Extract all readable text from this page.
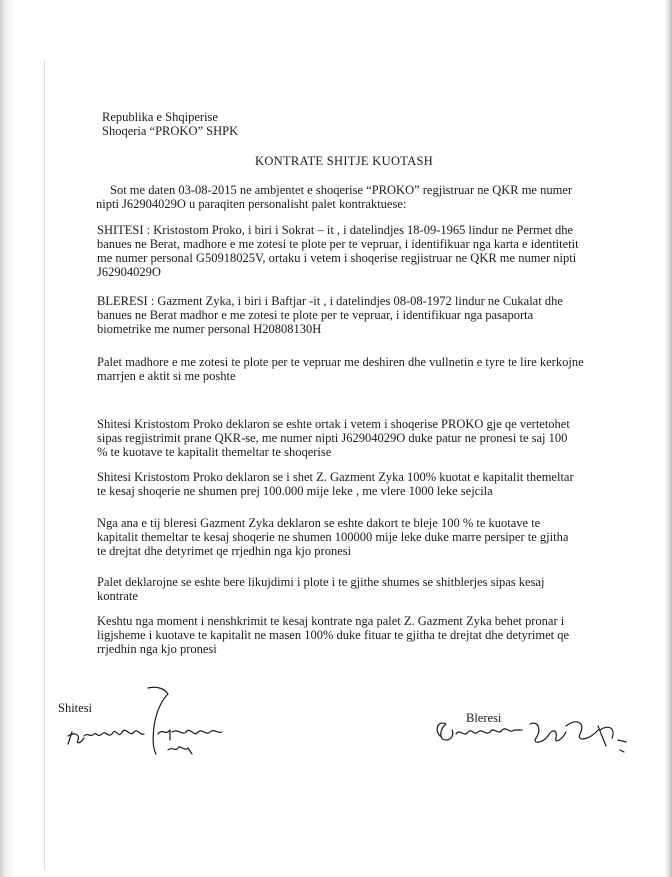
Republika e Shqiperise
Shoqeria “PROKO” SHPK
KONTRATE SHITJE KUOTASH
Sot me daten 03-08-2015 ne ambjentet e shoqerise “PROKO” regjistruar ne QKR me numer
nipti J62904029O u paraqiten personalisht palet kontraktuese:
SHITESI : Kristostom Proko, i biri i Sokrat – it , i datelindjes 18-09-1965 lindur ne Permet dhe
banues ne Berat, madhore e me zotesi te plote per te vepruar, i identifikuar nga karta e identitetit
me numer personal G50918025V, ortaku i vetem i shoqerise regjistruar ne QKR me numer nipti
J62904029O
BLERESI : Gazment Zyka, i biri i Baftjar -it , i datelindjes 08-08-1972 lindur ne Cukalat dhe
banues ne Berat madhor e me zotesi te plote per te vepruar, i identifikuar nga pasaporta
biometrike me numer personal H20808130H
Palet madhore e me zotesi te plote per te vepruar me deshiren dhe vullnetin e tyre te lire kerkojne
marrjen e aktit si me poshte
Shitesi Kristostom Proko deklaron se eshte ortak i vetem i shoqerise PROKO gje qe vertetohet
sipas regjistrimit prane QKR-se, me numer nipti J62904029O duke patur ne pronesi te saj 100
% te kuotave te kapitalit themeltar te shoqerise
Shitesi Kristostom Proko deklaron se i shet Z. Gazment Zyka 100% kuotat e kapitalit themeltar
te kesaj shoqerie ne shumen prej 100.000 mije leke , me vlere 1000 leke sejcila
Nga ana e tij bleresi Gazment Zyka deklaron se eshte dakort te bleje 100 % te kuotave te
kapitalit themeltar te kesaj shoqerie ne shumen 100000 mije leke duke marre persiper te gjitha
te drejtat dhe detyrimet qe rrjedhin nga kjo pronesi
Palet deklarojne se eshte bere likujdimi i plote i te gjithe shumes se shitblerjes sipas kesaj
kontrate
Keshtu nga moment i nenshkrimit te kesaj kontrate nga palet Z. Gazment Zyka behet pronar i
ligjsheme i kuotave te kapitalit ne masen 100% duke fituar te gjitha te drejtat dhe detyrimet qe
rrjedhin nga kjo pronesi
Shitesi
Bleresi
